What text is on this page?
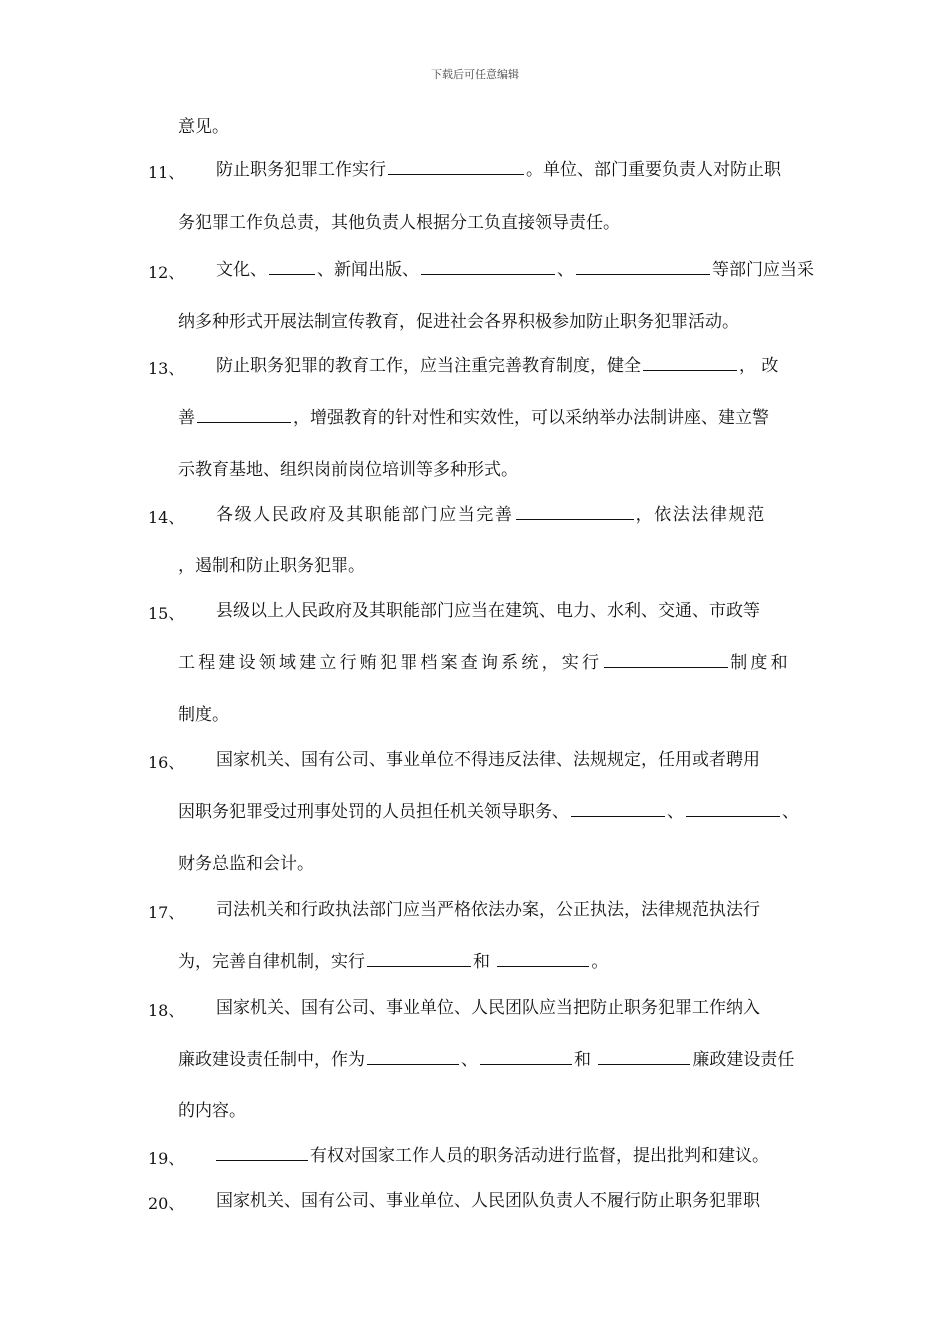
下载后可任意编辑
意见。
11、 防止职务犯罪工作实行	。单位、部门重要负责人对防止职
务犯罪工作负总责，其他负责人根据分工负直接领导责任。
12、 文化、	、新闻出版、	、	等部门应当采
纳多种形式开展法制宣传教育，促进社会各界积极参加防止职务犯罪活动。
13、 防止职务犯罪的教育工作，应当注重完善教育制度，健全	， 改
善	，增强教育的针对性和实效性，可以采纳举办法制讲座、建立警
示教育基地、组织岗前岗位培训等多种形式。
14、 各级人民政府及其职能部门应当完善	，依法法律规范
，遏制和防止职务犯罪。
15、 县级以上人民政府及其职能部门应当在建筑、电力、水利、交通、市政等
工程建设领域建立行贿犯罪档案查询系统，实行	制度和
制度。
16、 国家机关、国有公司、事业单位不得违反法律、法规规定，任用或者聘用
因职务犯罪受过刑事处罚的人员担任机关领导职务、	、	、
财务总监和会计。
17、 司法机关和行政执法部门应当严格依法办案，公正执法，法律规范执法行
为，完善自律机制，实行	和	。
18、 国家机关、国有公司、事业单位、人民团队应当把防止职务犯罪工作纳入
廉政建设责任制中，作为	、	和	廉政建设责任
的内容。
19、	有权对国家工作人员的职务活动进行监督，提出批判和建议。
20、 国家机关、国有公司、事业单位、人民团队负责人不履行防止职务犯罪职
